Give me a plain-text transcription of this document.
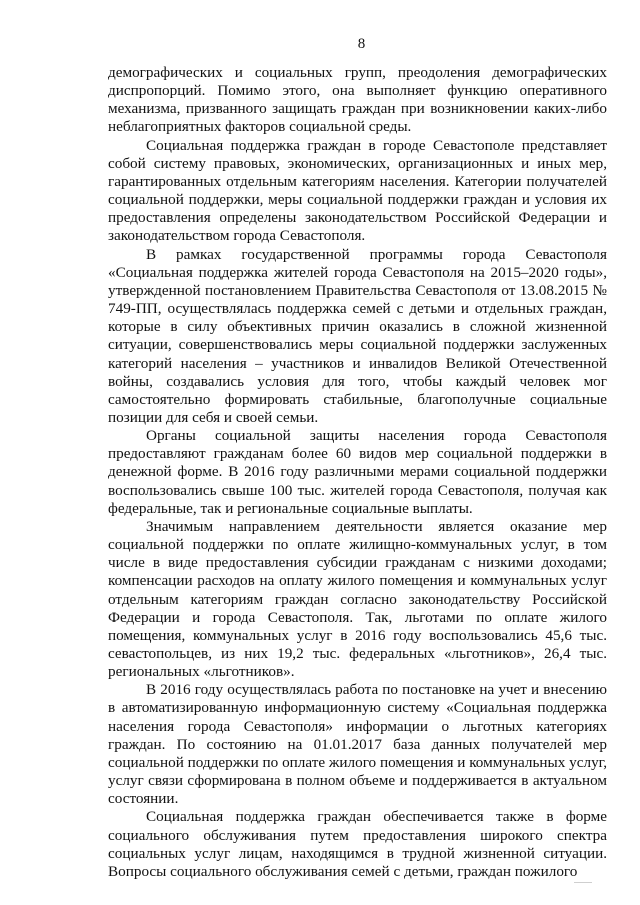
8

демографических и социальных групп, преодоления демографических диспропорций. Помимо этого, она выполняет функцию оперативного механизма, призванного защищать граждан при возникновении каких-либо неблагоприятных факторов социальной среды.

Социальная поддержка граждан в городе Севастополе представляет собой систему правовых, экономических, организационных и иных мер, гарантированных отдельным категориям населения. Категории получателей социальной поддержки, меры социальной поддержки граждан и условия их предоставления определены законодательством Российской Федерации и законодательством города Севастополя.

В рамках государственной программы города Севастополя «Социальная поддержка жителей города Севастополя на 2015–2020 годы», утвержденной постановлением Правительства Севастополя от 13.08.2015 № 749-ПП, осуществлялась поддержка семей с детьми и отдельных граждан, которые в силу объективных причин оказались в сложной жизненной ситуации, совершенствовались меры социальной поддержки заслуженных категорий населения – участников и инвалидов Великой Отечественной войны, создавались условия для того, чтобы каждый человек мог самостоятельно формировать стабильные, благополучные социальные позиции для себя и своей семьи.

Органы социальной защиты населения города Севастополя предоставляют гражданам более 60 видов мер социальной поддержки в денежной форме. В 2016 году различными мерами социальной поддержки воспользовались свыше 100 тыс. жителей города Севастополя, получая как федеральные, так и региональные социальные выплаты.

Значимым направлением деятельности является оказание мер социальной поддержки по оплате жилищно-коммунальных услуг, в том числе в виде предоставления субсидии гражданам с низкими доходами; компенсации расходов на оплату жилого помещения и коммунальных услуг отдельным категориям граждан согласно законодательству Российской Федерации и города Севастополя. Так, льготами по оплате жилого помещения, коммунальных услуг в 2016 году воспользовались 45,6 тыс. севастопольцев, из них 19,2 тыс. федеральных «льготников», 26,4 тыс. региональных «льготников».

В 2016 году осуществлялась работа по постановке на учет и внесению в автоматизированную информационную систему «Социальная поддержка населения города Севастополя» информации о льготных категориях граждан. По состоянию на 01.01.2017 база данных получателей мер социальной поддержки по оплате жилого помещения и коммунальных услуг, услуг связи сформирована в полном объеме и поддерживается в актуальном состоянии.

Социальная поддержка граждан обеспечивается также в форме социального обслуживания путем предоставления широкого спектра социальных услуг лицам, находящимся в трудной жизненной ситуации. Вопросы социального обслуживания семей с детьми, граждан пожилого
